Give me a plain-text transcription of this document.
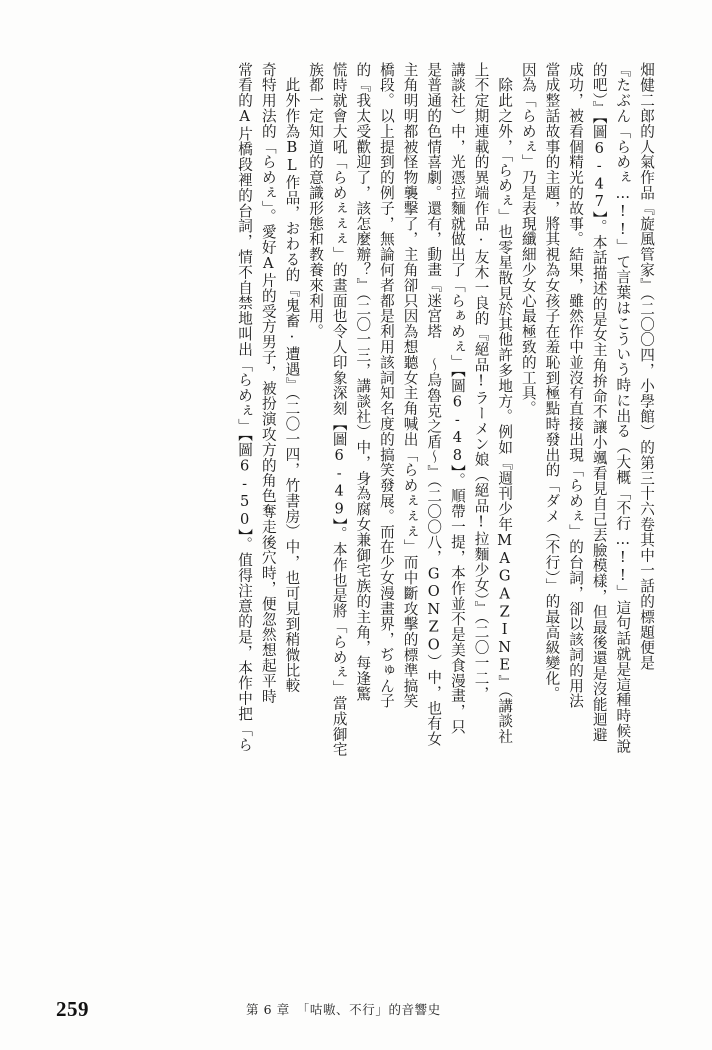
畑健二郎的人氣作品『旋風管家』（二〇〇四，小學館）的第三十六卷其中一話的標題便是
『たぶん「らめぇ…!!」て言葉はこういう時に出る（大概「不行…!!」這句話就是這種時候說
的吧）』【圖6-47】。本話描述的是女主角拚命不讓小颯看見自己丟臉模樣，但最後還是沒能迴避
成功，被看個精光的故事。結果，雖然作中並沒有直接出現「らめぇ」的台詞，卻以該詞的用法
當成整話故事的主題，將其視為女孩子在羞恥到極點時發出的「ダメ（不行）」的最高級變化。
因為「らめぇ」乃是表現纖細少女心最極致的工具。
　除此之外，「らめぇ」也零星散見於其他許多地方。例如『週刊少年MAGAZINE』（講談社
上不定期連載的異端作品·友木一良的『絕品!ラーメン娘（絕品!拉麵少女）』（二〇一二，
講談社）中，光憑拉麵就做出了「らぁめぇ」【圖6-48】。順帶一提，本作並不是美食漫畫，只
是普通的色情喜劇。還有，動畫『迷宮塔 ～烏魯克之盾～』（二〇〇八，GONZO）中，也有女
主角明明都被怪物襲擊了，主角卻只因為想聽女主角喊出「らめぇぇぇ」而中斷攻擊的標準搞笑
橋段。以上提到的例子，無論何者都是利用該詞知名度的搞笑發展。而在少女漫畫界，ぢゅん子
的『我太受歡迎了，該怎麼辦？』（二〇一三，講談社）中，身為腐女兼御宅族的主角，每逢驚
慌時就會大吼「らめぇぇぇ」的畫面也令人印象深刻【圖6-49】。本作也是將「らめぇ」當成御宅
族都一定知道的意識形態和教養來利用。
　此外作為BL作品，おわる的『鬼畜·遭遇』（二〇一四，竹書房）中，也可見到稍微比較
奇特用法的「らめぇ」。愛好A片的受方男子，被扮演攻方的角色奪走後穴時，便忽然想起平時
常看的A片橋段裡的台詞，情不自禁地叫出「らめぇ」【圖6-50】。值得注意的是，本作中把「ら
259	第 6 章　「咕嗷、不行」的音響史
